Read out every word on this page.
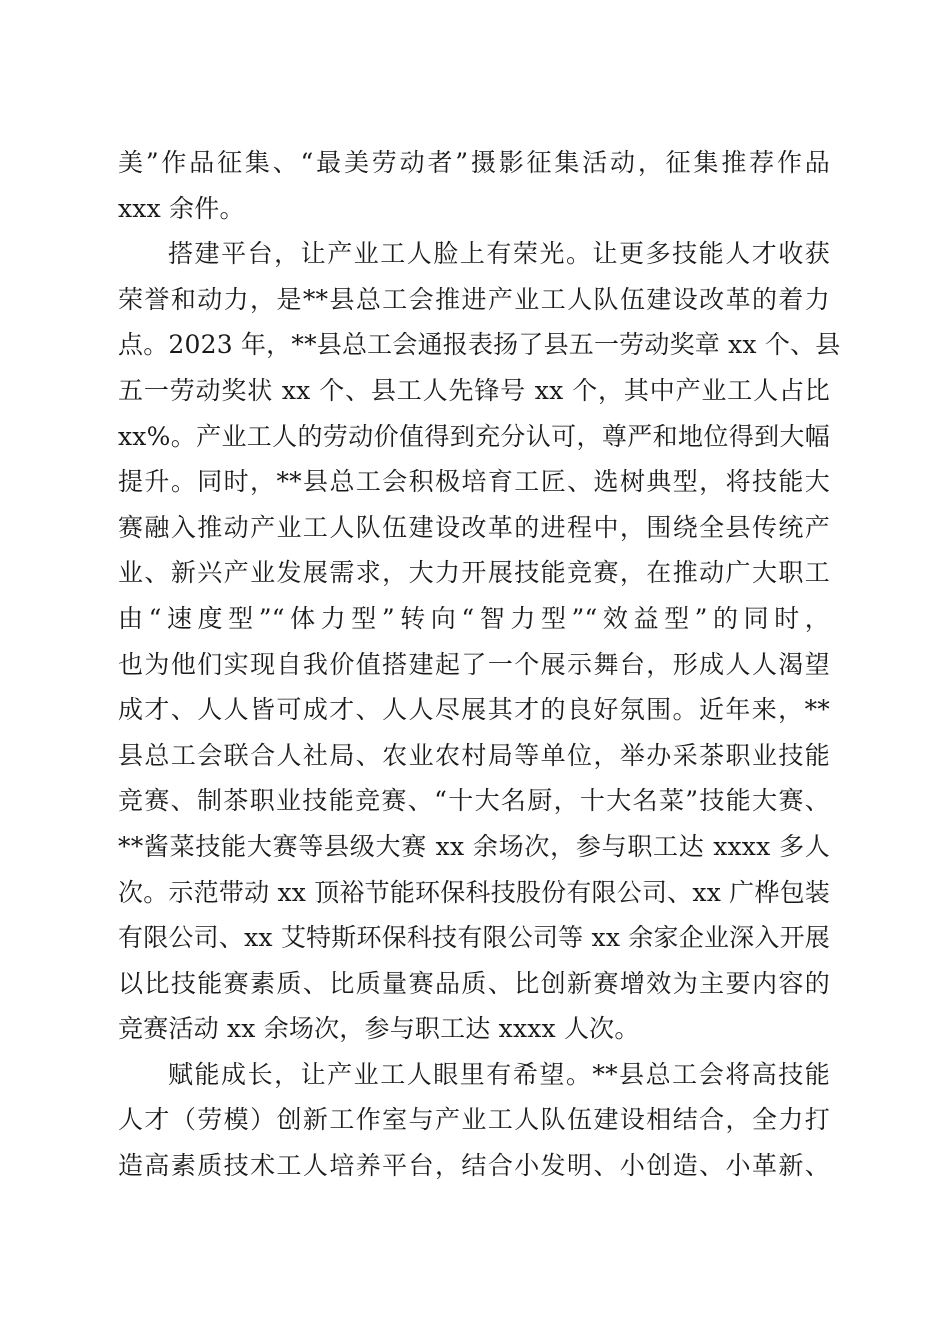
美”作品征集、“最美劳动者”摄影征集活动，征集推荐作品
xxx 余件。
搭建平台，让产业工人脸上有荣光。让更多技能人才收获
荣誉和动力，是**县总工会推进产业工人队伍建设改革的着力
点。2023 年，**县总工会通报表扬了县五一劳动奖章 xx 个、县
五一劳动奖状 xx 个、县工人先锋号 xx 个，其中产业工人占比
xx%。产业工人的劳动价值得到充分认可，尊严和地位得到大幅
提升。同时，**县总工会积极培育工匠、选树典型，将技能大
赛融入推动产业工人队伍建设改革的进程中，围绕全县传统产
业、新兴产业发展需求，大力开展技能竞赛，在推动广大职工
由“速度型”“体力型”转向“智力型”“效益型”的同时，
也为他们实现自我价值搭建起了一个展示舞台，形成人人渴望
成才、人人皆可成才、人人尽展其才的良好氛围。近年来，**
县总工会联合人社局、农业农村局等单位，举办采茶职业技能
竞赛、制茶职业技能竞赛、“十大名厨，十大名菜”技能大赛、
**酱菜技能大赛等县级大赛 xx 余场次，参与职工达 xxxx 多人
次。示范带动 xx 顶裕节能环保科技股份有限公司、xx 广桦包装
有限公司、xx 艾特斯环保科技有限公司等 xx 余家企业深入开展
以比技能赛素质、比质量赛品质、比创新赛增效为主要内容的
竞赛活动 xx 余场次，参与职工达 xxxx 人次。
赋能成长，让产业工人眼里有希望。**县总工会将高技能
人才（劳模）创新工作室与产业工人队伍建设相结合，全力打
造高素质技术工人培养平台，结合小发明、小创造、小革新、
